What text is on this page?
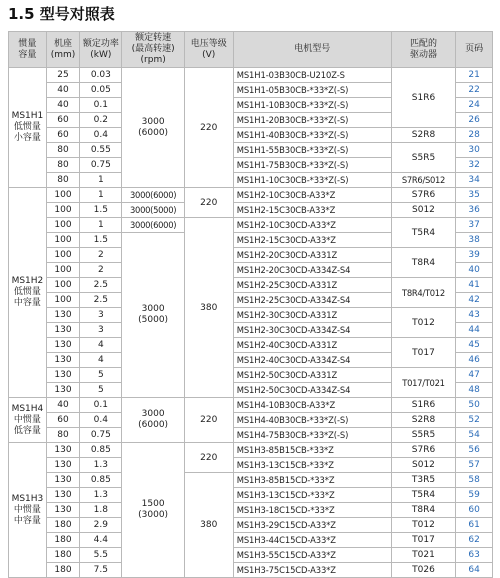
1.5 型号对照表
惯量
容量	机座
(mm)	额定功率
(kW)	额定转速
(最高转速)
(rpm)	电压等级
(V)	电机型号	匹配的
驱动器	页码
MS1H1
低惯量
小容量	25	0.03	3000
(6000)	220	MS1H1-03B30CB-U210Z-S	S1R6	21
	40	0.05			MS1H1-05B30CB-*33*Z(-S)		22
	40	0.1			MS1H1-10B30CB-*33*Z(-S)		24
	60	0.2			MS1H1-20B30CB-*33*Z(-S)		26
	60	0.4			MS1H1-40B30CB-*33*Z(-S)	S2R8	28
	80	0.55			MS1H1-55B30CB-*33*Z(-S)	S5R5	30
	80	0.75			MS1H1-75B30CB-*33*Z(-S)		32
	80	1			MS1H1-10C30CB-*33*Z(-S)	S7R6/S012	34
MS1H2
低惯量
中容量	100	1	3000(6000)	220	MS1H2-10C30CB-A33*Z	S7R6	35
	100	1.5	3000(5000)		MS1H2-15C30CB-A33*Z	S012	36
	100	1	3000(6000)	380	MS1H2-10C30CD-A33*Z	T5R4	37
	100	1.5	3000
(5000)		MS1H2-15C30CD-A33*Z		38
	100	2			MS1H2-20C30CD-A331Z	T8R4	39
	100	2			MS1H2-20C30CD-A334Z-S4		40
	100	2.5			MS1H2-25C30CD-A331Z	T8R4/T012	41
	100	2.5			MS1H2-25C30CD-A334Z-S4		42
	130	3			MS1H2-30C30CD-A331Z	T012	43
	130	3			MS1H2-30C30CD-A334Z-S4		44
	130	4			MS1H2-40C30CD-A331Z	T017	45
	130	4			MS1H2-40C30CD-A334Z-S4		46
	130	5			MS1H2-50C30CD-A331Z	T017/T021	47
	130	5			MS1H2-50C30CD-A334Z-S4		48
MS1H4
中惯量
低容量	40	0.1	3000
(6000)	220	MS1H4-10B30CB-A33*Z	S1R6	50
	60	0.4			MS1H4-40B30CB-*33*Z(-S)	S2R8	52
	80	0.75			MS1H4-75B30CB-*33*Z(-S)	S5R5	54
MS1H3
中惯量
中容量	130	0.85	1500
(3000)	220	MS1H3-85B15CB-*33*Z	S7R6	56
	130	1.3			MS1H3-13C15CB-*33*Z	S012	57
	130	0.85		380	MS1H3-85B15CD-*33*Z	T3R5	58
	130	1.3			MS1H3-13C15CD-*33*Z	T5R4	59
	130	1.8			MS1H3-18C15CD-*33*Z	T8R4	60
	180	2.9			MS1H3-29C15CD-A33*Z	T012	61
	180	4.4			MS1H3-44C15CD-A33*Z	T017	62
	180	5.5			MS1H3-55C15CD-A33*Z	T021	63
	180	7.5			MS1H3-75C15CD-A33*Z	T026	64
